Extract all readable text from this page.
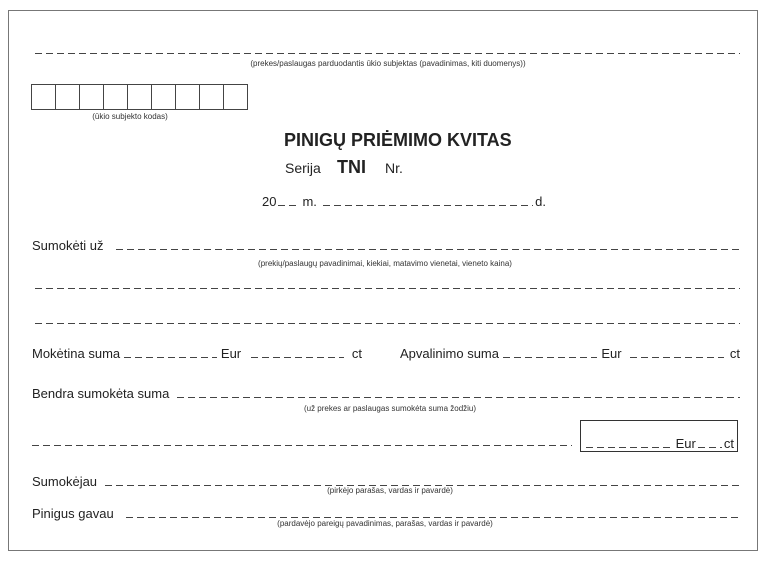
(prekes/paslaugas parduodantis ūkio subjektas (pavadinimas, kiti duomenys))
(ūkio subjekto kodas)
PINIGŲ PRIĖMIMO KVITAS
Serija TNI Nr.
20 m.	d.
Sumokėti už
(prekių/paslaugų pavadinimai, kiekiai, matavimo vienetai, vieneto kaina)
Mokėtina suma	Eur	ct	Apvalinimo suma	Eur	ct
Bendra sumokėta suma
(už prekes ar paslaugas sumokėta suma žodžiu)
Eur ct
Sumokėjau
(pirkėjo parašas, vardas ir pavardė)
Pinigus gavau
(pardavėjo pareigų pavadinimas, parašas, vardas ir pavardė)
